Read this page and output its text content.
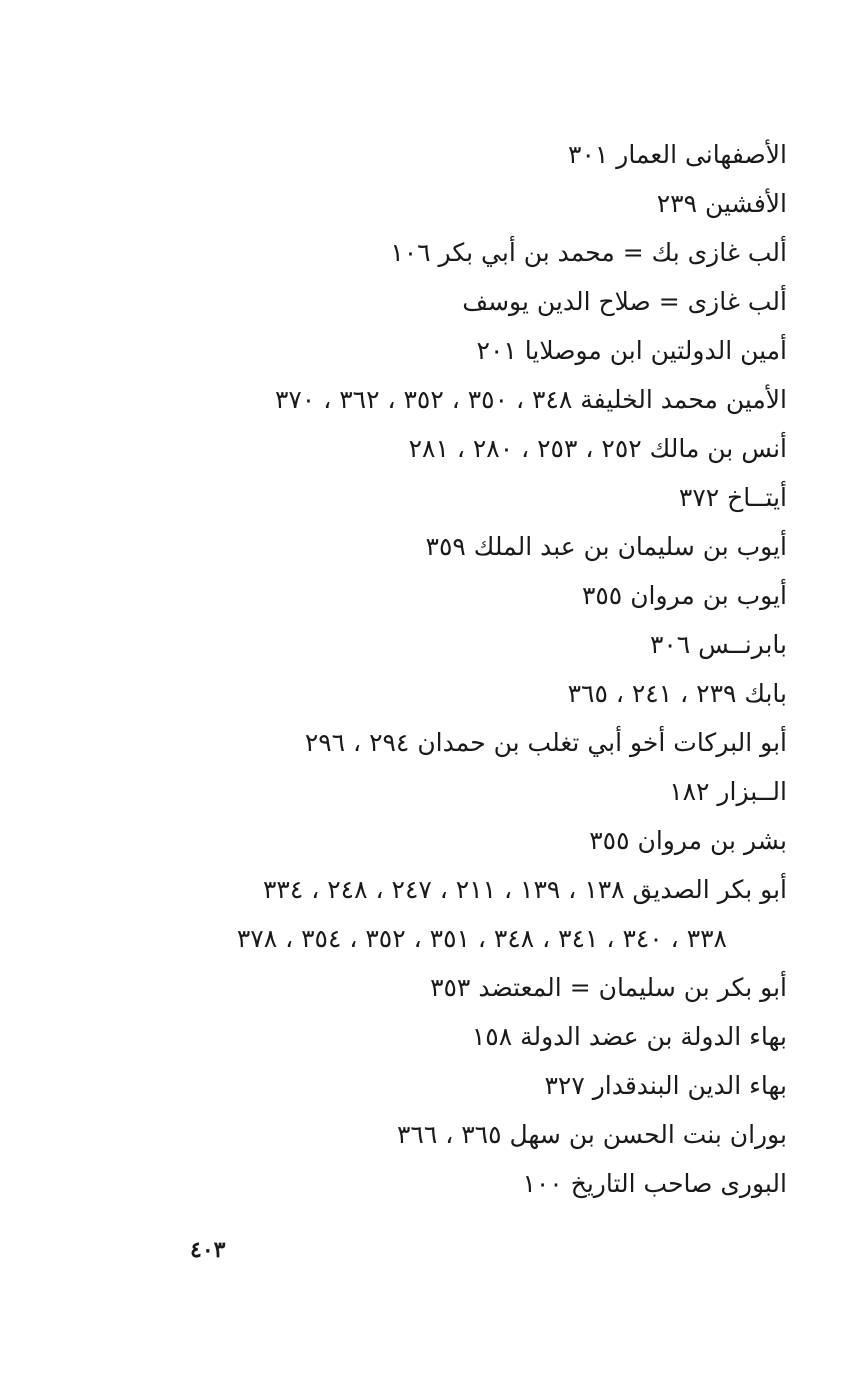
الأصفهانى العمار ٣٠١
الأفشين ٢٣٩
ألب غازى بك = محمد بن أبي بكر ١٠٦
ألب غازى = صلاح الدين يوسف
أمين الدولتين ابن موصلايا ٢٠١
الأمين محمد الخليفة ٣٤٨ ، ٣٥٠ ، ٣٥٢ ، ٣٦٢ ، ٣٧٠
أنس بن مالك ٢٥٢ ، ٢٥٣ ، ٢٨٠ ، ٢٨١
أيتــاخ ٣٧٢
أيوب بن سليمان بن عبد الملك ٣٥٩
أيوب بن مروان ٣٥٥
بابرنــس ٣٠٦
بابك ٢٣٩ ، ٢٤١ ، ٣٦٥
أبو البركات أخو أبي تغلب بن حمدان ٢٩٤ ، ٢٩٦
الــبزار ١٨٢
بشر بن مروان ٣٥٥
أبو بكر الصديق ١٣٨ ، ١٣٩ ، ٢١١ ، ٢٤٧ ، ٢٤٨ ، ٣٣٤
٣٣٨ ، ٣٤٠ ، ٣٤١ ، ٣٤٨ ، ٣٥١ ، ٣٥٢ ، ٣٥٤ ، ٣٧٨
أبو بكر بن سليمان = المعتضد ٣٥٣
بهاء الدولة بن عضد الدولة ١٥٨
بهاء الدين البندقدار ٣٢٧
بوران بنت الحسن بن سهل ٣٦٥ ، ٣٦٦
البورى صاحب التاريخ ١٠٠
٤٠٣
